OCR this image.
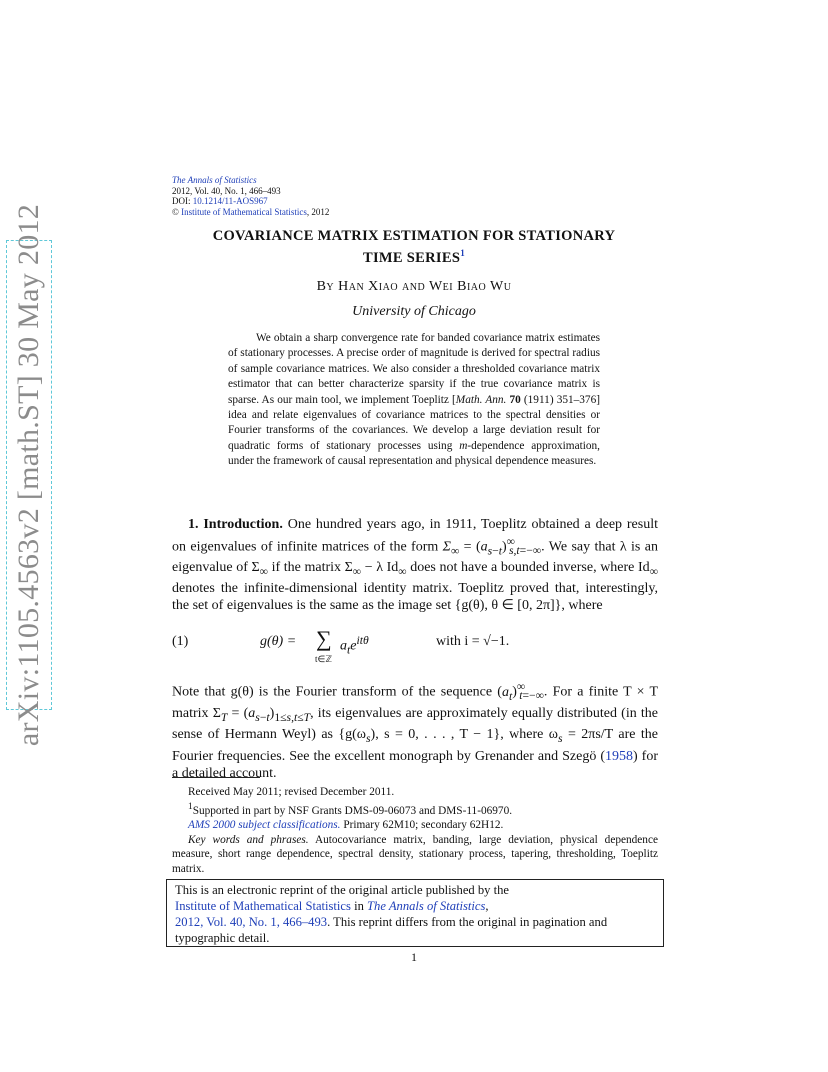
arXiv:1105.4563v2 [math.ST] 30 May 2012
The Annals of Statistics
2012, Vol. 40, No. 1, 466–493
DOI: 10.1214/11-AOS967
© Institute of Mathematical Statistics, 2012
COVARIANCE MATRIX ESTIMATION FOR STATIONARY
TIME SERIES$^1$
By Han Xiao and Wei Biao Wu
University of Chicago
We obtain a sharp convergence rate for banded covariance matrix estimates of stationary processes. A precise order of magnitude is derived for spectral radius of sample covariance matrices. We also consider a thresholded covariance matrix estimator that can better characterize sparsity if the true covariance matrix is sparse. As our main tool, we implement Toeplitz [Math. Ann. 70 (1911) 351–376] idea and relate eigenvalues of covariance matrices to the spectral densities or Fourier transforms of the covariances. We develop a large deviation result for quadratic forms of stationary processes using m-dependence approximation, under the framework of causal representation and physical dependence measures.
1. Introduction. One hundred years ago, in 1911, Toeplitz obtained a deep result on eigenvalues of infinite matrices of the form $\Sigma_\infty = (a_{s-t})^\infty_{s,t=-\infty}$. We say that λ is an eigenvalue of $\Sigma_\infty$ if the matrix $\Sigma_\infty - \lambda$ $Id_\infty$ does not have a bounded inverse, where $Id_\infty$ denotes the infinite-dimensional identity matrix. Toeplitz proved that, interestingly, the set of eigenvalues is the same as the image set {g(θ), θ ∈ [0, 2π]}, where
(1)	g(θ) = ∑
t∈ℤ
$a_te^{it\theta}$	with i = √−1.
Note that g(θ) is the Fourier transform of the sequence $(a_t)^\infty_{t=-\infty}$. For a finite T × T matrix $\Sigma_T = (a_{s-t})_{1\le s,t\le T}$, its eigenvalues are approximately equally distributed (in the sense of Hermann Weyl) as {$g(\omega_s)$, s = 0, . . . , T − 1}, where $\omega_s = 2\pi s/T$ are the Fourier frequencies. See the excellent monograph by Grenander and Szegö (1958) for a detailed account.

Received May 2011; revised December 2011.

$^1$Supported in part by NSF Grants DMS-09-06073 and DMS-11-06970.

AMS 2000 subject classifications. Primary 62M10; secondary 62H12.

Key words and phrases. Autocovariance matrix, banding, large deviation, physical dependence measure, short range dependence, spectral density, stationary process, tapering, thresholding, Toeplitz matrix.

This is an electronic reprint of the original article published by the
Institute of Mathematical Statistics in The Annals of Statistics,
2012, Vol. 40, No. 1, 466–493. This reprint differs from the original in pagination and typographic detail.
1
